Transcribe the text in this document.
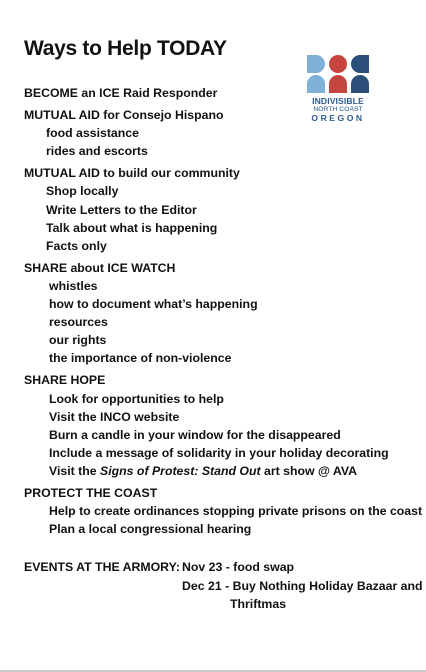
Ways to Help TODAY
INDIVISIBLE
NORTH COAST
OREGON
BECOME an ICE Raid Responder
MUTUAL AID for Consejo Hispano
food assistance
rides and escorts
MUTUAL AID to build our community
Shop locally
Write Letters to the Editor
Talk about what is happening
Facts only
SHARE about ICE WATCH
whistles
how to document what’s happening
resources
our rights
the importance of non-violence
SHARE HOPE
Look for opportunities to help
Visit the INCO website
Burn a candle in your window for the disappeared
Include a message of solidarity in your holiday decorating
Visit the Signs of Protest: Stand Out art show @ AVA
PROTECT THE COAST
Help to create ordinances stopping private prisons on the coast
Plan a local congressional hearing
EVENTS AT THE ARMORY: Nov 23 - food swap
Dec 21 - Buy Nothing Holiday Bazaar and
Thriftmas
